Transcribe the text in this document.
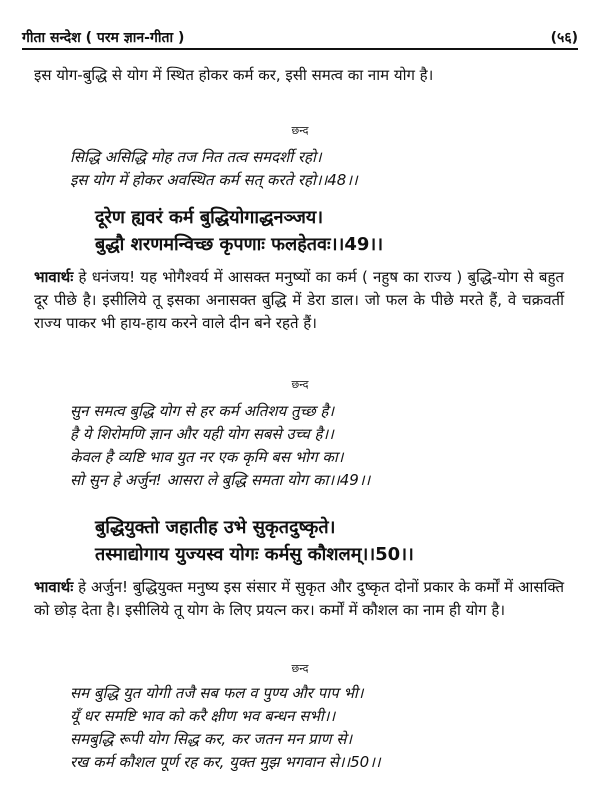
गीता सन्देश ( परम ज्ञान-गीता )	(५६)
इस योग-बुद्धि से योग में स्थित होकर कर्म कर, इसी समत्व का नाम योग है।
छन्द
सिद्धि असिद्धि मोह तज नित तत्व समदर्शी रहो।
इस योग में होकर अवस्थित कर्म सत् करते रहो।।48।।
दूरेण ह्यवरं कर्म बुद्धियोगाद्धनञ्जय।
बुद्धौ शरणमन्विच्छ कृपणाः फलहेतवः।।49।।
भावार्थः हे धनंजय! यह भोगैश्वर्य में आसक्त मनुष्यों का कर्म ( नहुष का राज्य ) बुद्धि-योग से बहुत दूर पीछे है। इसीलिये तू इसका अनासक्त बुद्धि में डेरा डाल। जो फल के पीछे मरते हैं, वे चक्रवर्ती राज्य पाकर भी हाय-हाय करने वाले दीन बने रहते हैं।
छन्द
सुन समत्व बुद्धि योग से हर कर्म अतिशय तुच्छ है।
है ये शिरोमणि ज्ञान और यही योग सबसे उच्च है।।
केवल है व्यष्टि भाव युत नर एक कृमि बस भोग का।
सो सुन हे अर्जुन! आसरा ले बुद्धि समता योग का।।49।।
बुद्धियुक्तो जहातीह उभे सुकृतदुष्कृते।
तस्माद्योगाय युज्यस्व योगः कर्मसु कौशलम्।।50।।
भावार्थः हे अर्जुन! बुद्धियुक्त मनुष्य इस संसार में सुकृत और दुष्कृत दोनों प्रकार के कर्मों में आसक्ति को छोड़ देता है। इसीलिये तू योग के लिए प्रयत्न कर। कर्मों में कौशल का नाम ही योग है।
छन्द
सम बुद्धि युत योगी तजै सब फल व पुण्य और पाप भी।
यूँ धर समष्टि भाव को करै क्षीण भव बन्धन सभी।।
समबुद्धि रूपी योग सिद्ध कर, कर जतन मन प्राण से।
रख कर्म कौशल पूर्ण रह कर, युक्त मुझ भगवान से।।50।।
